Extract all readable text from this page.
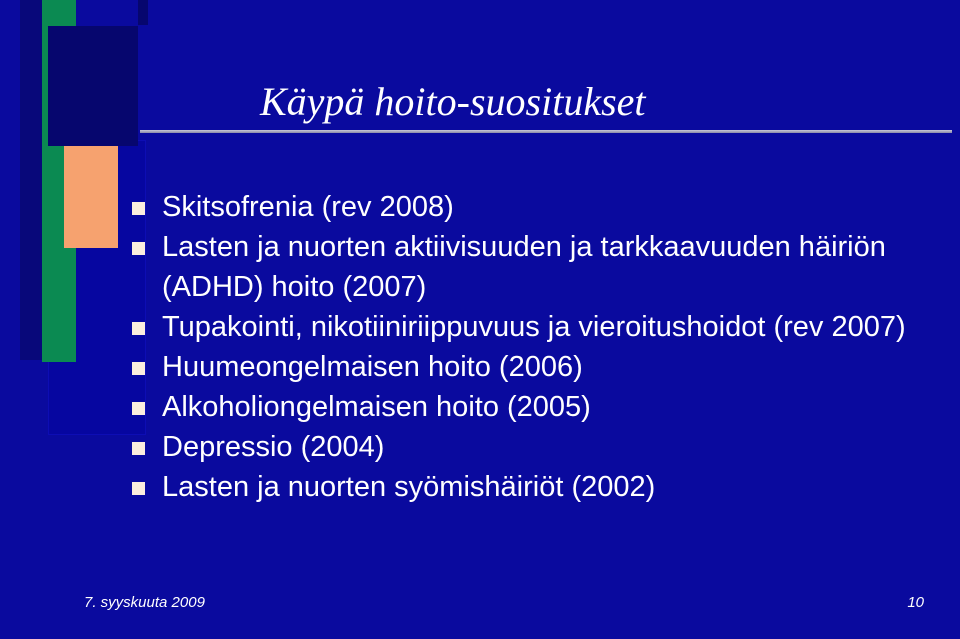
Käypä hoito-suositukset
Skitsofrenia (rev 2008)
Lasten ja nuorten aktiivisuuden ja tarkkaavuuden häiriön (ADHD) hoito (2007)
Tupakointi, nikotiiniriippuvuus ja vieroitushoidot (rev 2007)
Huumeongelmaisen hoito (2006)
Alkoholiongelmaisen hoito (2005)
Depressio (2004)
Lasten ja nuorten syömishäiriöt (2002)
7. syyskuuta 2009	10
